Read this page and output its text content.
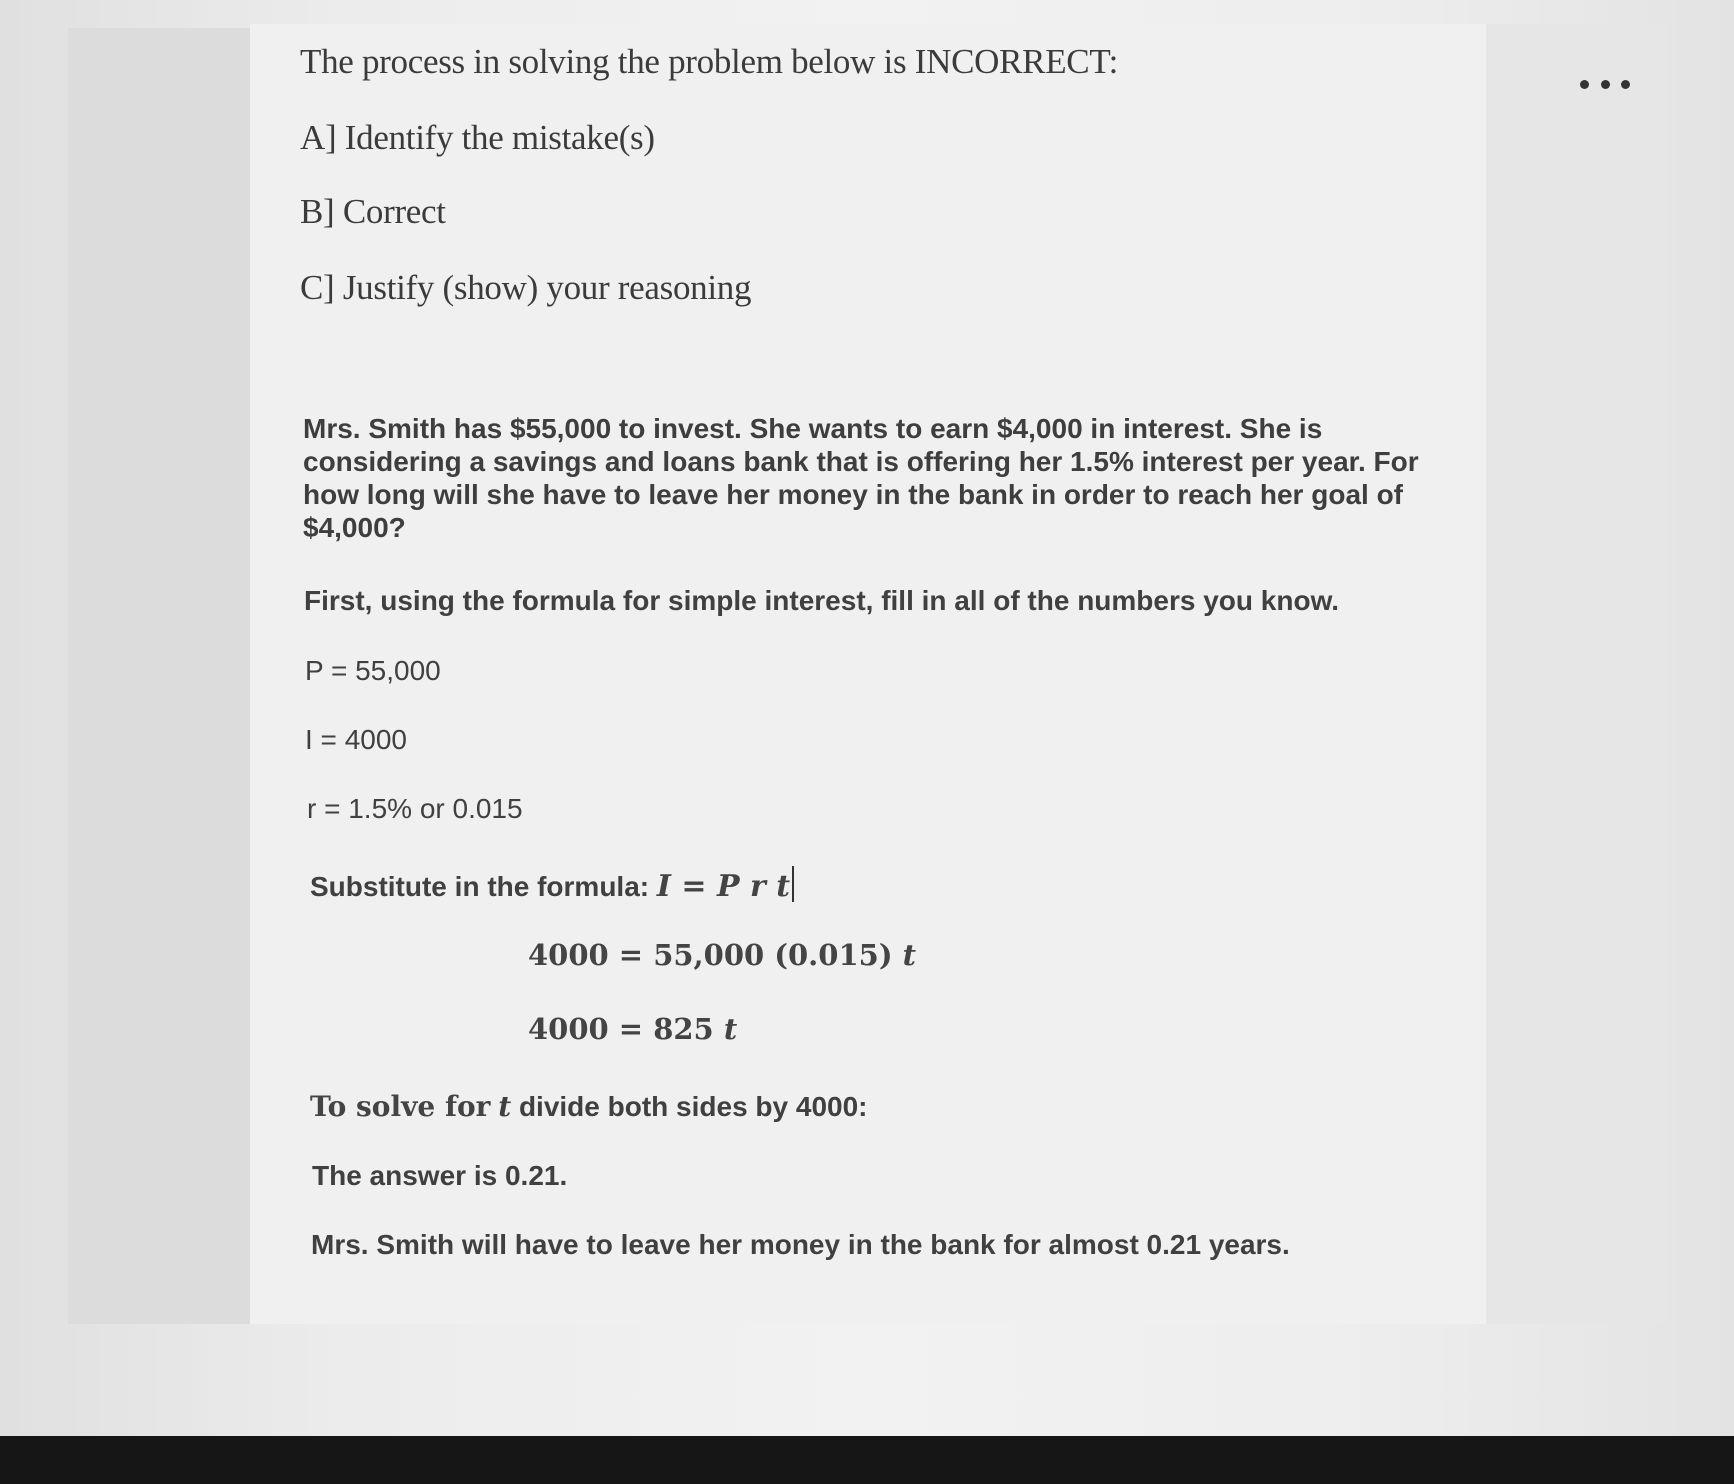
The process in solving the problem below is INCORRECT:
A] Identify the mistake(s)
B] Correct
C] Justify (show) your reasoning
Mrs. Smith has $55,000 to invest. She wants to earn $4,000 in interest. She is considering a savings and loans bank that is offering her 1.5% interest per year. For how long will she have to leave her money in the bank in order to reach her goal of $4,000?
First, using the formula for simple interest, fill in all of the numbers you know.
P = 55,000
I = 4000
r = 1.5% or 0.015
Substitute in the formula: I = P r t
4000 = 55,000 (0.015) t
4000 = 825 t
To solve for t divide both sides by 4000:
The answer is 0.21.
Mrs. Smith will have to leave her money in the bank for almost 0.21 years.
